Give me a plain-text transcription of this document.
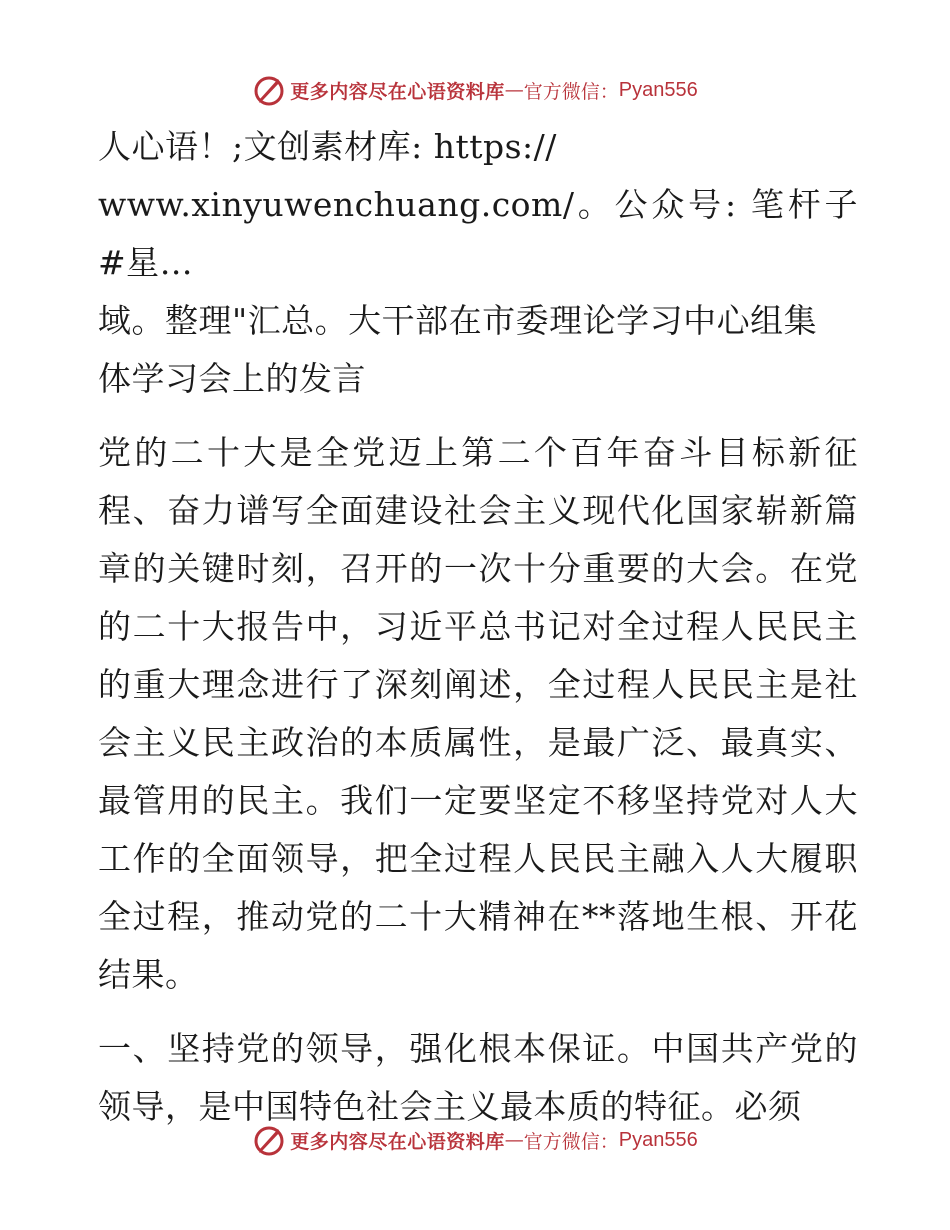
更多内容尽在心语资料库 — 官方微信： Pyan556
人心语！;文创素材库: https://
www.xinyuwenchuang.com/。公众号: 笔杆子#星…
域。整理"汇总。大干部在市委理论学习中心组集
体学习会上的发言

党的二十大是全党迈上第二个百年奋斗目标新征程、奋力谱写全面建设社会主义现代化国家崭新篇章的关键时刻，召开的一次十分重要的大会。在党的二十大报告中，习近平总书记对全过程人民民主的重大理念进行了深刻阐述，全过程人民民主是社会主义民主政治的本质属性，是最广泛、最真实、最管用的民主。我们一定要坚定不移坚持党对人大工作的全面领导，把全过程人民民主融入人大履职全过程，推动党的二十大精神在**落地生根、开花结果。

一、坚持党的领导，强化根本保证。中国共产党的领导，是中国特色社会主义最本质的特征。必须

更多内容尽在心语资料库 — 官方微信： Pyan556
